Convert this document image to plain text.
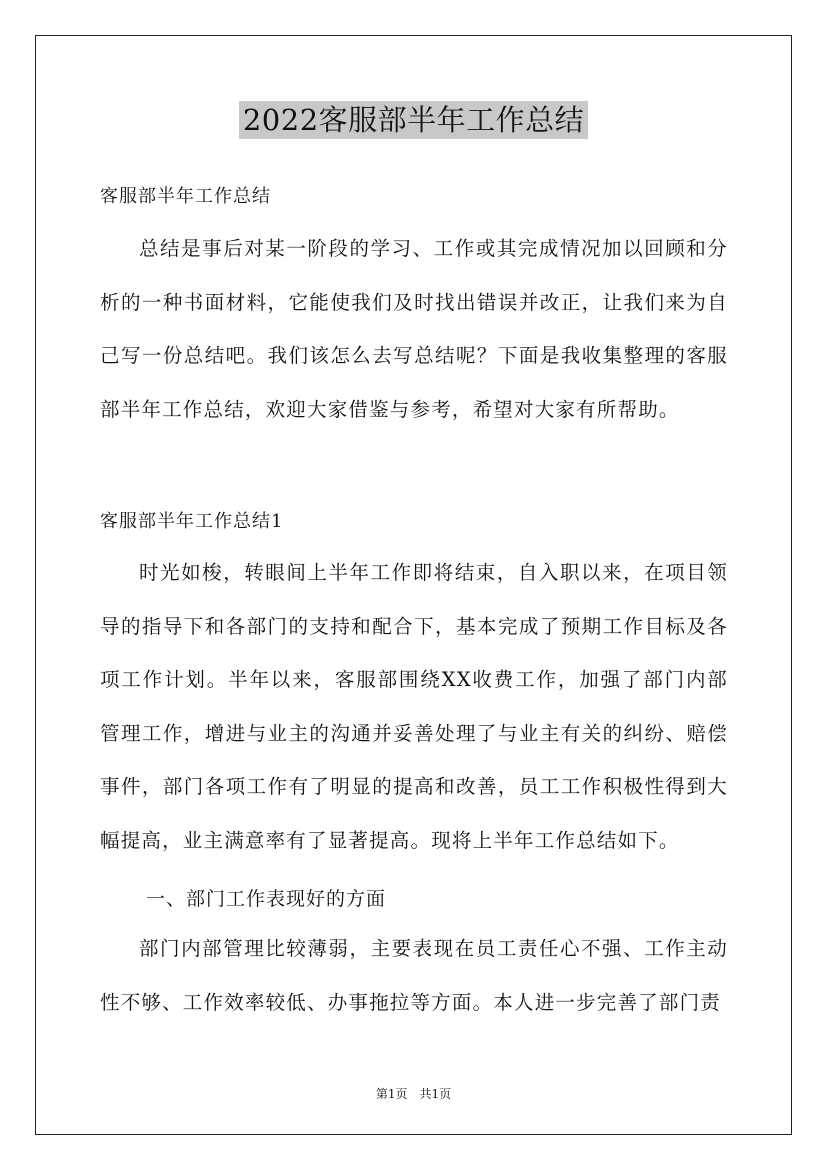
2022客服部半年工作总结
客服部半年工作总结

总结是事后对某一阶段的学习、工作或其完成情况加以回顾和分析的一种书面材料，它能使我们及时找出错误并改正，让我们来为自己写一份总结吧。我们该怎么去写总结呢？下面是我收集整理的客服部半年工作总结，欢迎大家借鉴与参考，希望对大家有所帮助。

客服部半年工作总结1

时光如梭，转眼间上半年工作即将结束，自入职以来，在项目领导的指导下和各部门的支持和配合下，基本完成了预期工作目标及各项工作计划。半年以来，客服部围绕XX收费工作，加强了部门内部管理工作，增进与业主的沟通并妥善处理了与业主有关的纠纷、赔偿事件，部门各项工作有了明显的提高和改善，员工工作积极性得到大幅提高，业主满意率有了显著提高。现将上半年工作总结如下。

一、部门工作表现好的方面

部门内部管理比较薄弱，主要表现在员工责任心不强、工作主动性不够、工作效率较低、办事拖拉等方面。本人进一步完善了部门责

第1页　共1页
